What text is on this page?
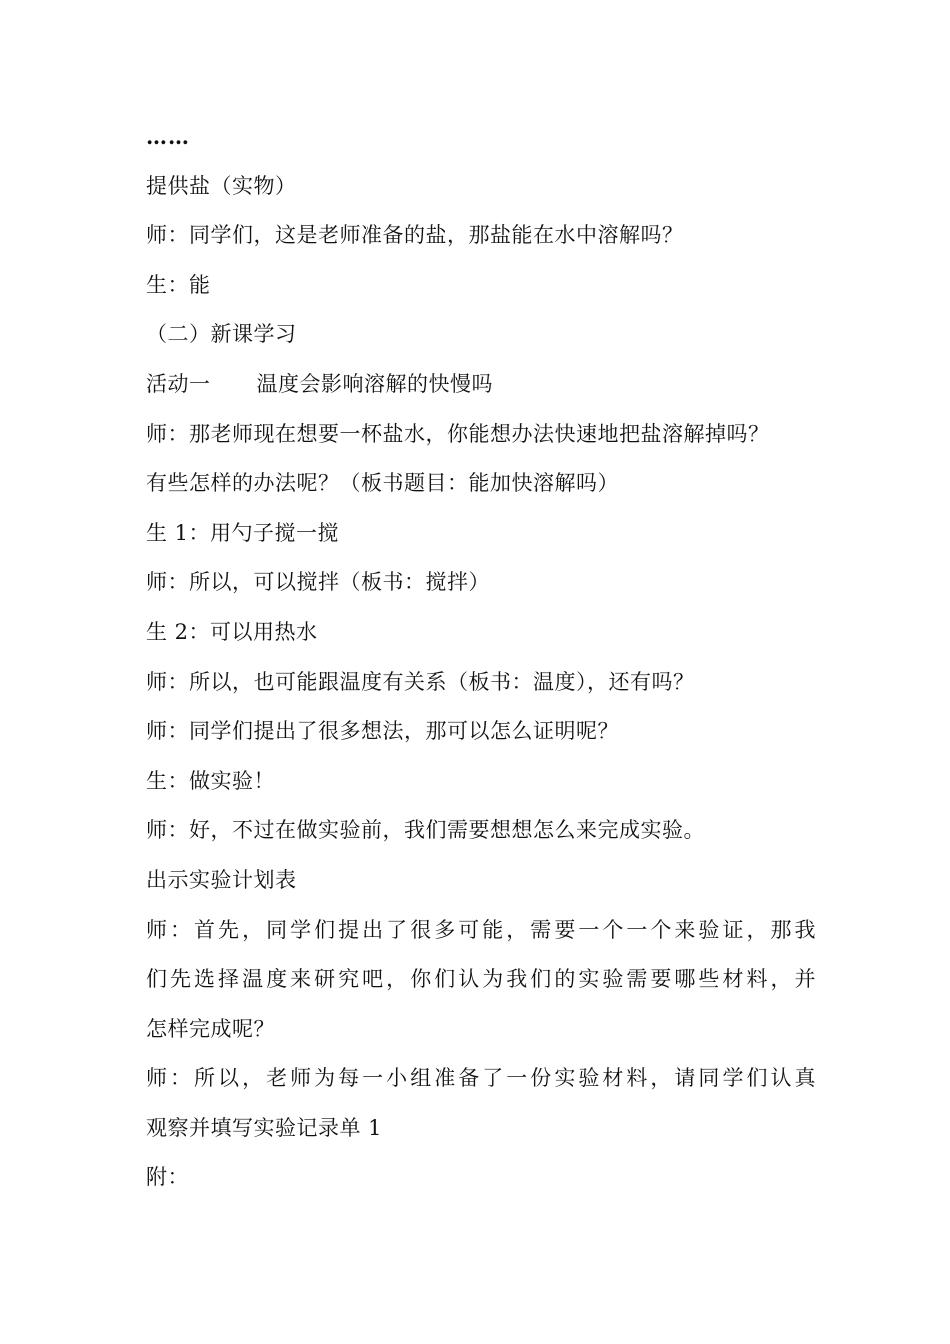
……
提供盐（实物）
师：同学们，这是老师准备的盐，那盐能在水中溶解吗？
生：能
（二）新课学习
活动一 温度会影响溶解的快慢吗
师：那老师现在想要一杯盐水，你能想办法快速地把盐溶解掉吗？
有些怎样的办法呢？（板书题目：能加快溶解吗）
生 1：用勺子搅一搅
师：所以，可以搅拌（板书：搅拌）
生 2：可以用热水
师：所以，也可能跟温度有关系（板书：温度），还有吗？
师：同学们提出了很多想法，那可以怎么证明呢？
生：做实验！
师：好，不过在做实验前，我们需要想想怎么来完成实验。
出示实验计划表
师：首先，同学们提出了很多可能，需要一个一个来验证，那我
们先选择温度来研究吧，你们认为我们的实验需要哪些材料，并
怎样完成呢？
师：所以，老师为每一小组准备了一份实验材料，请同学们认真
观察并填写实验记录单 1
附：
